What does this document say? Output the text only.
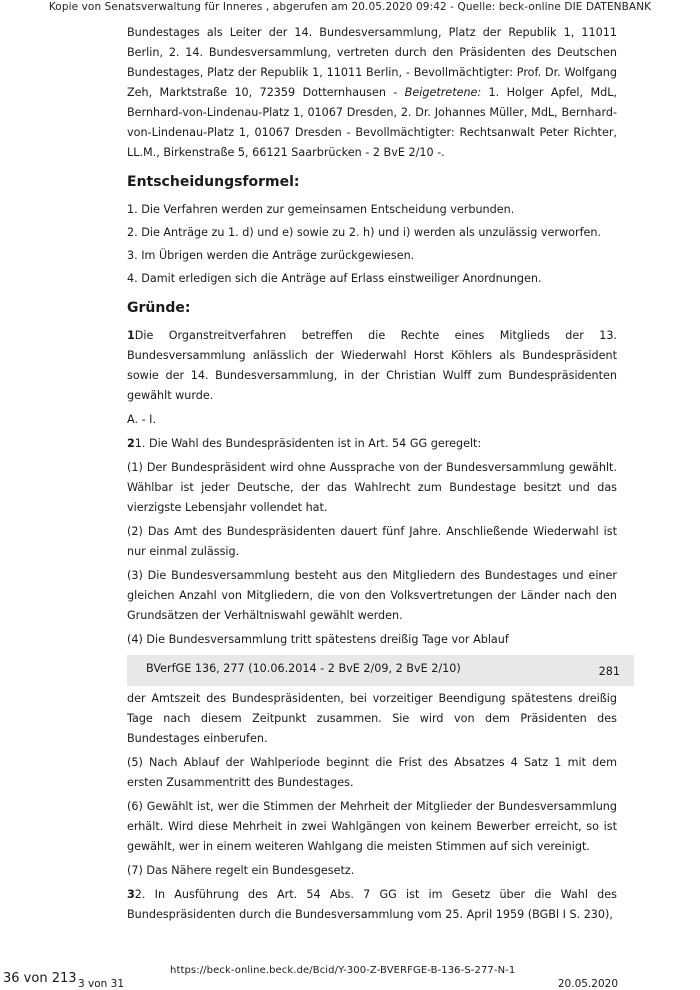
Kopie von Senatsverwaltung für Inneres , abgerufen am 20.05.2020 09:42 - Quelle: beck-online DIE DATENBANK

Bundestages als Leiter der 14. Bundesversammlung, Platz der Republik 1, 11011 Berlin, 2. 14. Bundesversammlung, vertreten durch den Präsidenten des Deutschen Bundestages, Platz der Republik 1, 11011 Berlin, - Bevollmächtigter: Prof. Dr. Wolfgang Zeh, Marktstraße 10, 72359 Dotternhausen - Beigetretene: 1. Holger Apfel, MdL, Bernhard-von-Lindenau-Platz 1, 01067 Dresden, 2. Dr. Johannes Müller, MdL, Bernhard-von-Lindenau-Platz 1, 01067 Dresden - Bevollmächtigter: Rechtsanwalt Peter Richter, LL.M., Birkenstraße 5, 66121 Saarbrücken - 2 BvE 2/10 -.

Entscheidungsformel:

1. Die Verfahren werden zur gemeinsamen Entscheidung verbunden.

2. Die Anträge zu 1. d) und e) sowie zu 2. h) und i) werden als unzulässig verworfen.

3. Im Übrigen werden die Anträge zurückgewiesen.

4. Damit erledigen sich die Anträge auf Erlass einstweiliger Anordnungen.

Gründe:

1Die Organstreitverfahren betreffen die Rechte eines Mitglieds der 13. Bundesversammlung anlässlich der Wiederwahl Horst Köhlers als Bundespräsident sowie der 14. Bundesversammlung, in der Christian Wulff zum Bundespräsidenten gewählt wurde.

A. - I.

21. Die Wahl des Bundespräsidenten ist in Art. 54 GG geregelt:

(1) Der Bundespräsident wird ohne Aussprache von der Bundesversammlung gewählt. Wählbar ist jeder Deutsche, der das Wahlrecht zum Bundestage besitzt und das vierzigste Lebensjahr vollendet hat.

(2) Das Amt des Bundespräsidenten dauert fünf Jahre. Anschließende Wiederwahl ist nur einmal zulässig.

(3) Die Bundesversammlung besteht aus den Mitgliedern des Bundestages und einer gleichen Anzahl von Mitgliedern, die von den Volksvertretungen der Länder nach den Grundsätzen der Verhältniswahl gewählt werden.

(4) Die Bundesversammlung tritt spätestens dreißig Tage vor Ablauf

BVerfGE 136, 277 (10.06.2014 - 2 BvE 2/09, 2 BvE 2/10)	281

der Amtszeit des Bundespräsidenten, bei vorzeitiger Beendigung spätestens dreißig Tage nach diesem Zeitpunkt zusammen. Sie wird von dem Präsidenten des Bundestages einberufen.

(5) Nach Ablauf der Wahlperiode beginnt die Frist des Absatzes 4 Satz 1 mit dem ersten Zusammentritt des Bundestages.

(6) Gewählt ist, wer die Stimmen der Mehrheit der Mitglieder der Bundesversammlung erhält. Wird diese Mehrheit in zwei Wahlgängen von keinem Bewerber erreicht, so ist gewählt, wer in einem weiteren Wahlgang die meisten Stimmen auf sich vereinigt.

(7) Das Nähere regelt ein Bundesgesetz.

32. In Ausführung des Art. 54 Abs. 7 GG ist im Gesetz über die Wahl des Bundespräsidenten durch die Bundesversammlung vom 25. April 1959 (BGBl I S. 230),

36 von 213 3 von 31
https://beck-online.beck.de/Bcid/Y-300-Z-BVERFGE-B-136-S-277-N-1
20.05.2020
